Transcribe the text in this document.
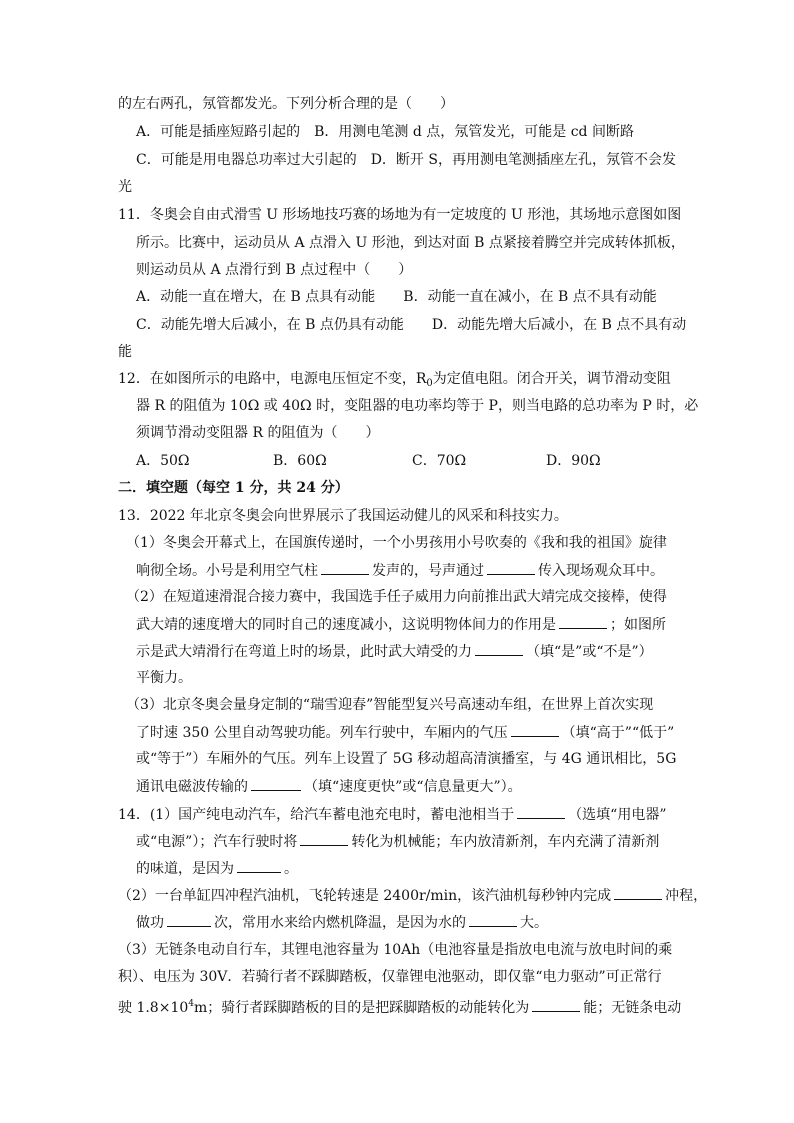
的左右两孔，氖管都发光。下列分析合理的是（　　）
A．可能是插座短路引起的　B．用测电笔测 d 点，氖管发光，可能是 cd 间断路
C．可能是用电器总功率过大引起的　D．断开 S，再用测电笔测插座左孔，氖管不会发
光
11．冬奥会自由式滑雪 U 形场地技巧赛的场地为有一定坡度的 U 形池，其场地示意图如图
所示。比赛中，运动员从 A 点滑入 U 形池，到达对面 B 点紧接着腾空并完成转体抓板，
则运动员从 A 点滑行到 B 点过程中（　　）
A．动能一直在增大，在 B 点具有动能　　B．动能一直在减小，在 B 点不具有动能
C．动能先增大后减小，在 B 点仍具有动能　　D．动能先增大后减小，在 B 点不具有动
能
12．在如图所示的电路中，电源电压恒定不变，$R_0$为定值电阻。闭合开关，调节滑动变阻
器 R 的阻值为 10Ω 或 40Ω 时，变阻器的电功率均等于 P，则当电路的总功率为 P 时，必
须调节滑动变阻器 R 的阻值为（　　）
A．50Ω	B．60Ω	C．70Ω	D．90Ω
二．填空题（每空 1 分，共 24 分）
13．2022 年北京冬奥会向世界展示了我国运动健儿的风采和科技实力。
（1）冬奥会开幕式上，在国旗传递时，一个小男孩用小号吹奏的《我和我的祖国》旋律
响彻全场。小号是利用空气柱	发声的，号声通过	传入现场观众耳中。
（2）在短道速滑混合接力赛中，我国选手任子威用力向前推出武大靖完成交接棒，使得
武大靖的速度增大的同时自己的速度减小，这说明物体间力的作用是	；如图所
示是武大靖滑行在弯道上时的场景，此时武大靖受的力	（填“是”或“不是”）
平衡力。
（3）北京冬奥会量身定制的“瑞雪迎春”智能型复兴号高速动车组，在世界上首次实现
了时速 350 公里自动驾驶功能。列车行驶中，车厢内的气压	（填“高于”“低于”
或“等于”）车厢外的气压。列车上设置了 5G 移动超高清演播室，与 4G 通讯相比，5G
通讯电磁波传输的	（填“速度更快”或“信息量更大”）。
14．(1）国产纯电动汽车，给汽车蓄电池充电时，蓄电池相当于	（选填“用电器”
或“电源”）；汽车行驶时将	转化为机械能；车内放清新剂，车内充满了清新剂
的味道，是因为	。
（2）一台单缸四冲程汽油机，飞轮转速是 2400r/min，该汽油机每秒钟内完成	冲程，
做功	次，常用水来给内燃机降温，是因为水的	大。
（3）无链条电动自行车，其锂电池容量为 10Ah（电池容量是指放电电流与放电时间的乘
积）、电压为 30V．若骑行者不踩脚踏板，仅靠锂电池驱动，即仅靠“电力驱动”可正常行
驶 $1.8\times 10^4m$；骑行者踩脚踏板的目的是把踩脚踏板的动能转化为	能；无链条电动
